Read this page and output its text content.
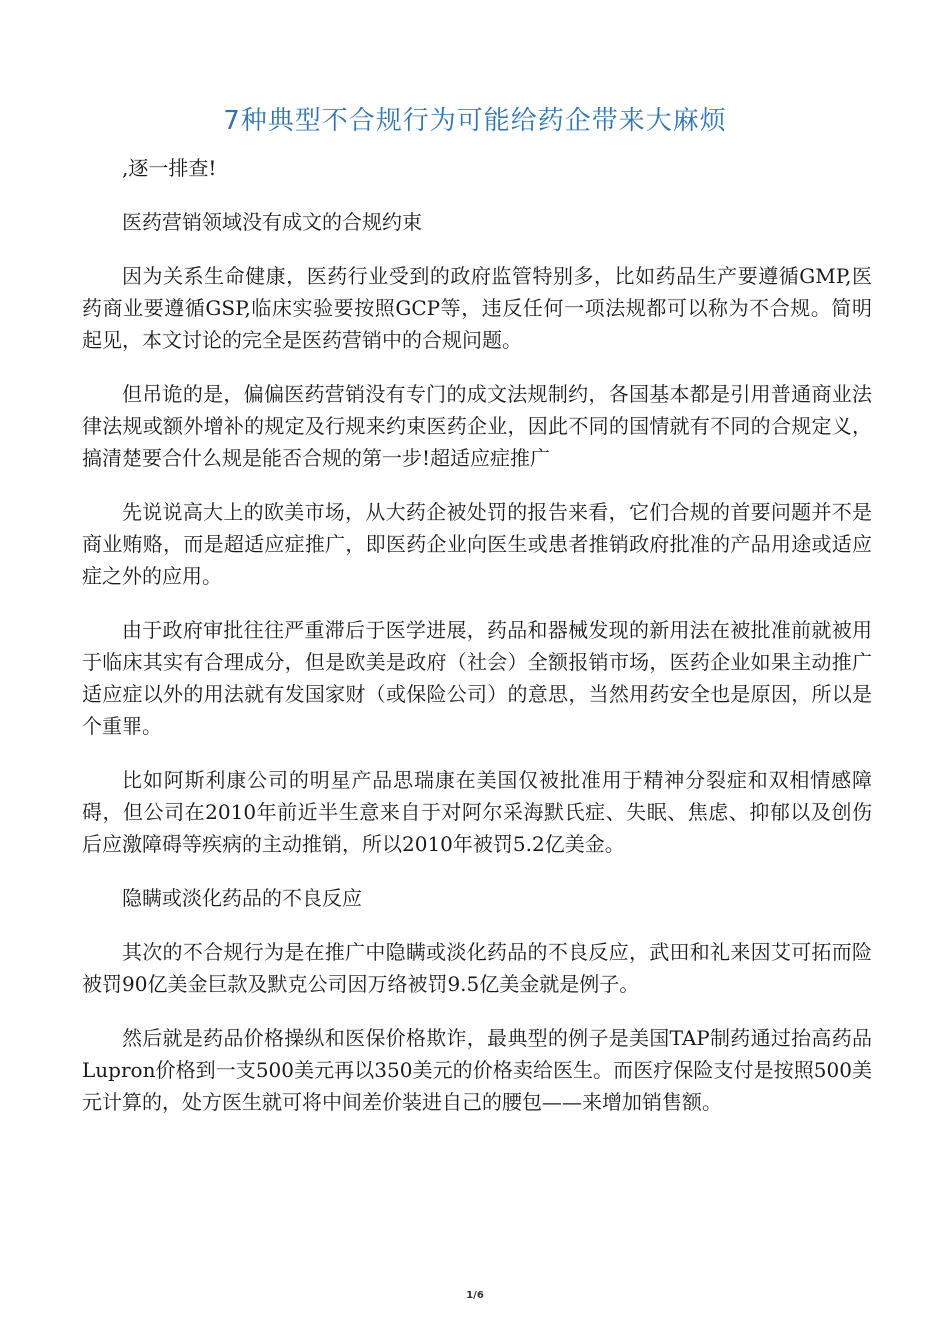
7种典型不合规行为可能给药企带来大麻烦

,逐一排查!

医药营销领域没有成文的合规约束

因为关系生命健康，医药行业受到的政府监管特别多，比如药品生产要遵循GMP,医药商业要遵循GSP,临床实验要按照GCP等，违反任何一项法规都可以称为不合规。简明起见，本文讨论的完全是医药营销中的合规问题。

但吊诡的是，偏偏医药营销没有专门的成文法规制约，各国基本都是引用普通商业法律法规或额外增补的规定及行规来约束医药企业，因此不同的国情就有不同的合规定义，搞清楚要合什么规是能否合规的第一步!超适应症推广

先说说高大上的欧美市场，从大药企被处罚的报告来看，它们合规的首要问题并不是商业贿赂，而是超适应症推广，即医药企业向医生或患者推销政府批准的产品用途或适应症之外的应用。

由于政府审批往往严重滞后于医学进展，药品和器械发现的新用法在被批准前就被用于临床其实有合理成分，但是欧美是政府（社会）全额报销市场，医药企业如果主动推广适应症以外的用法就有发国家财（或保险公司）的意思，当然用药安全也是原因，所以是个重罪。

比如阿斯利康公司的明星产品思瑞康在美国仅被批准用于精神分裂症和双相情感障碍，但公司在2010年前近半生意来自于对阿尔采海默氏症、失眠、焦虑、抑郁以及创伤后应激障碍等疾病的主动推销，所以2010年被罚5.2亿美金。

隐瞒或淡化药品的不良反应

其次的不合规行为是在推广中隐瞒或淡化药品的不良反应，武田和礼来因艾可拓而险被罚90亿美金巨款及默克公司因万络被罚9.5亿美金就是例子。

然后就是药品价格操纵和医保价格欺诈，最典型的例子是美国TAP制药通过抬高药品Lupron价格到一支500美元再以350美元的价格卖给医生。而医疗保险支付是按照500美元计算的，处方医生就可将中间差价装进自己的腰包——来增加销售额。

1/6
